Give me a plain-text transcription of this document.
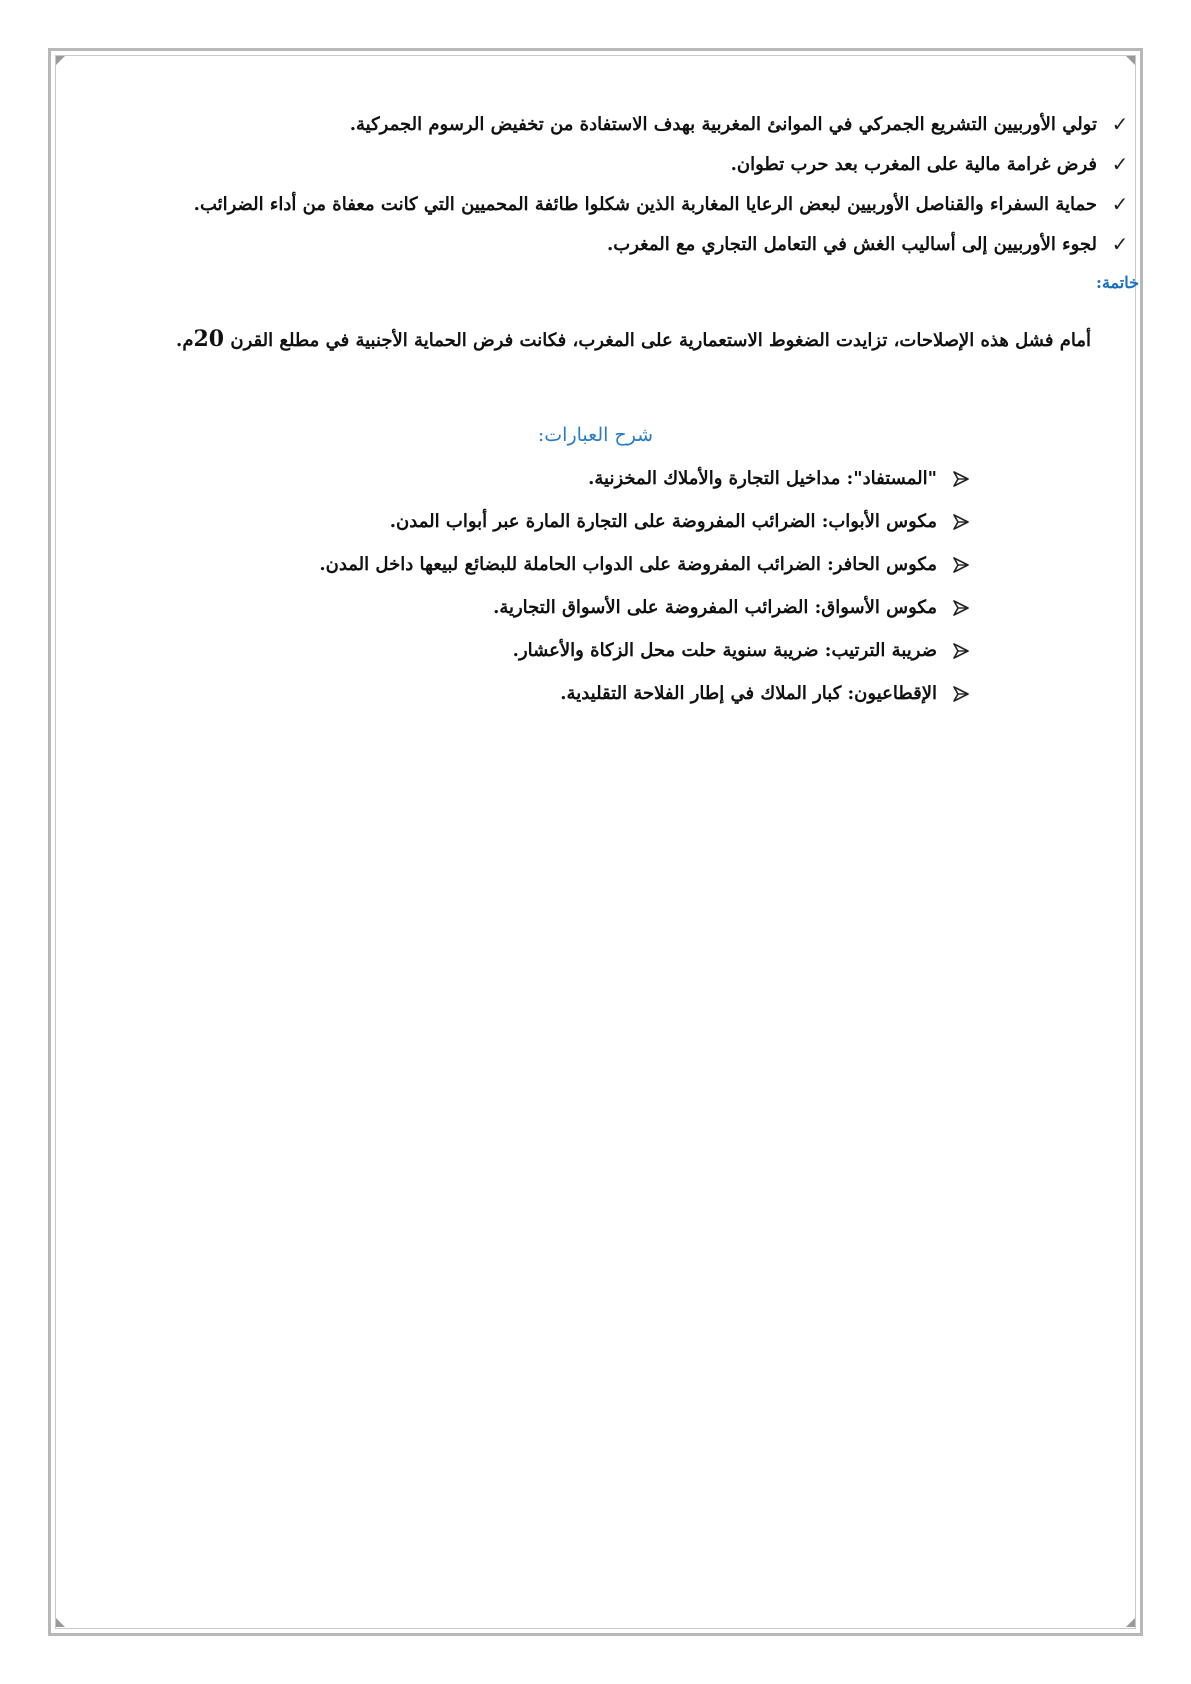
✓
تولي الأوربيين التشريع الجمركي في الموانئ المغربية بهدف الاستفادة من تخفيض الرسوم الجمركية.
✓
فرض غرامة مالية على المغرب بعد حرب تطوان.
✓
حماية السفراء والقناصل الأوربيين لبعض الرعايا المغاربة الذين شكلوا طائفة المحميين التي كانت معفاة من أداء الضرائب.
✓
لجوء الأوربيين إلى أساليب الغش في التعامل التجاري مع المغرب.
خاتمة:
أمام فشل هذه الإصلاحات، تزايدت الضغوط الاستعمارية على المغرب، فكانت فرض الحماية الأجنبية في مطلع القرن 20م.
شرح العبارات:
"المستفاد": مداخيل التجارة والأملاك المخزنية.
مكوس الأبواب: الضرائب المفروضة على التجارة المارة عبر أبواب المدن.
مكوس الحافر: الضرائب المفروضة على الدواب الحاملة للبضائع لبيعها داخل المدن.
مكوس الأسواق: الضرائب المفروضة على الأسواق التجارية.
ضريبة الترتيب: ضريبة سنوية حلت محل الزكاة والأعشار.
الإقطاعيون: كبار الملاك في إطار الفلاحة التقليدية.
